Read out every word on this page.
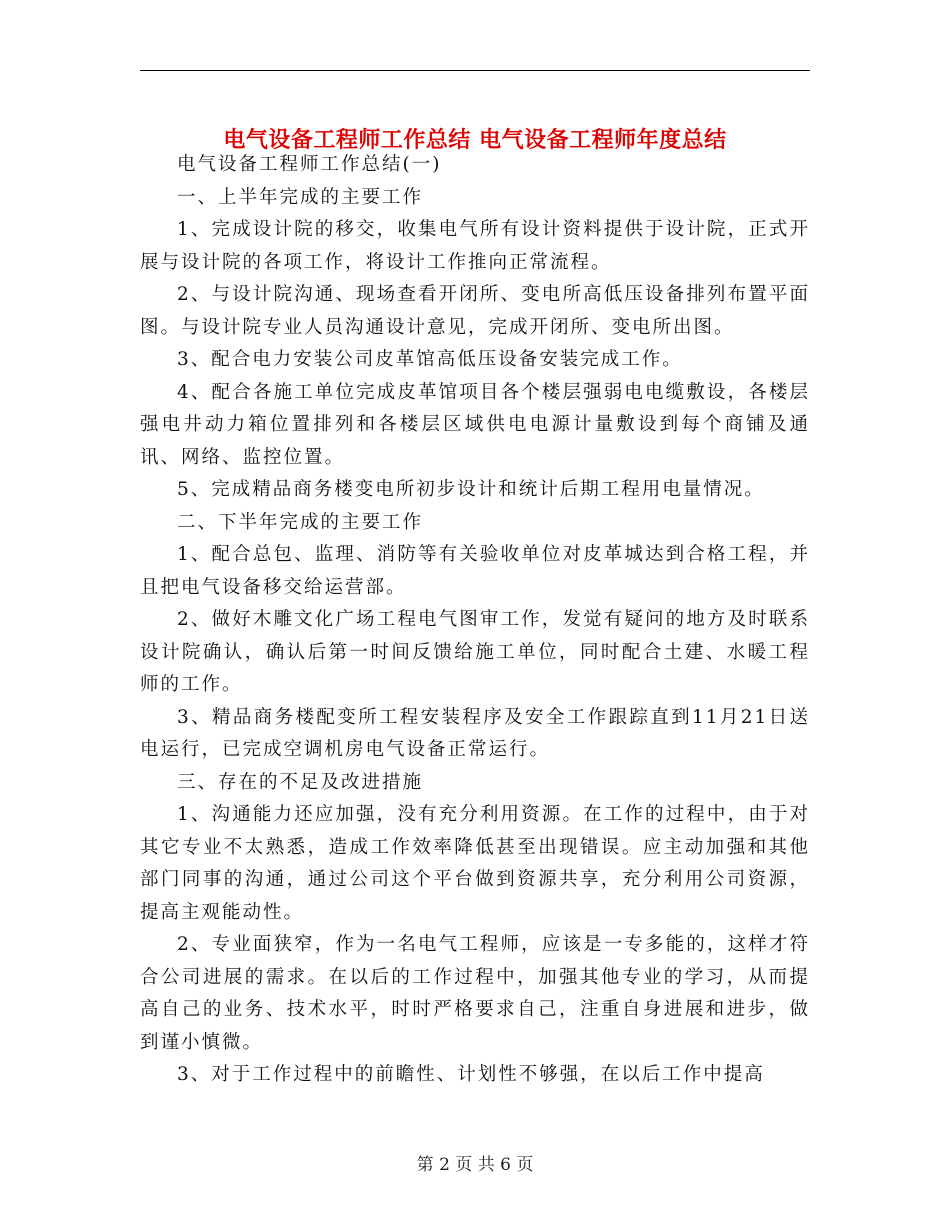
电气设备工程师工作总结 电气设备工程师年度总结

电气设备工程师工作总结(一)

一、上半年完成的主要工作

1、完成设计院的移交，收集电气所有设计资料提供于设计院，正式开展与设计院的各项工作，将设计工作推向正常流程。

2、与设计院沟通、现场查看开闭所、变电所高低压设备排列布置平面图。与设计院专业人员沟通设计意见，完成开闭所、变电所出图。

3、配合电力安装公司皮革馆高低压设备安装完成工作。

4、配合各施工单位完成皮革馆项目各个楼层强弱电电缆敷设，各楼层强电井动力箱位置排列和各楼层区域供电电源计量敷设到每个商铺及通讯、网络、监控位置。

5、完成精品商务楼变电所初步设计和统计后期工程用电量情况。

二、下半年完成的主要工作

1、配合总包、监理、消防等有关验收单位对皮革城达到合格工程，并且把电气设备移交给运营部。

2、做好木雕文化广场工程电气图审工作，发觉有疑问的地方及时联系设计院确认，确认后第一时间反馈给施工单位，同时配合土建、水暖工程师的工作。

3、精品商务楼配变所工程安装程序及安全工作跟踪直到11月21日送电运行，已完成空调机房电气设备正常运行。

三、存在的不足及改进措施

1、沟通能力还应加强，没有充分利用资源。在工作的过程中，由于对其它专业不太熟悉，造成工作效率降低甚至出现错误。应主动加强和其他部门同事的沟通，通过公司这个平台做到资源共享，充分利用公司资源，提高主观能动性。

2、专业面狭窄，作为一名电气工程师，应该是一专多能的，这样才符合公司进展的需求。在以后的工作过程中，加强其他专业的学习，从而提高自己的业务、技术水平，时时严格要求自己，注重自身进展和进步，做到谨小慎微。

3、对于工作过程中的前瞻性、计划性不够强，在以后工作中提高

第 2 页 共 6 页
